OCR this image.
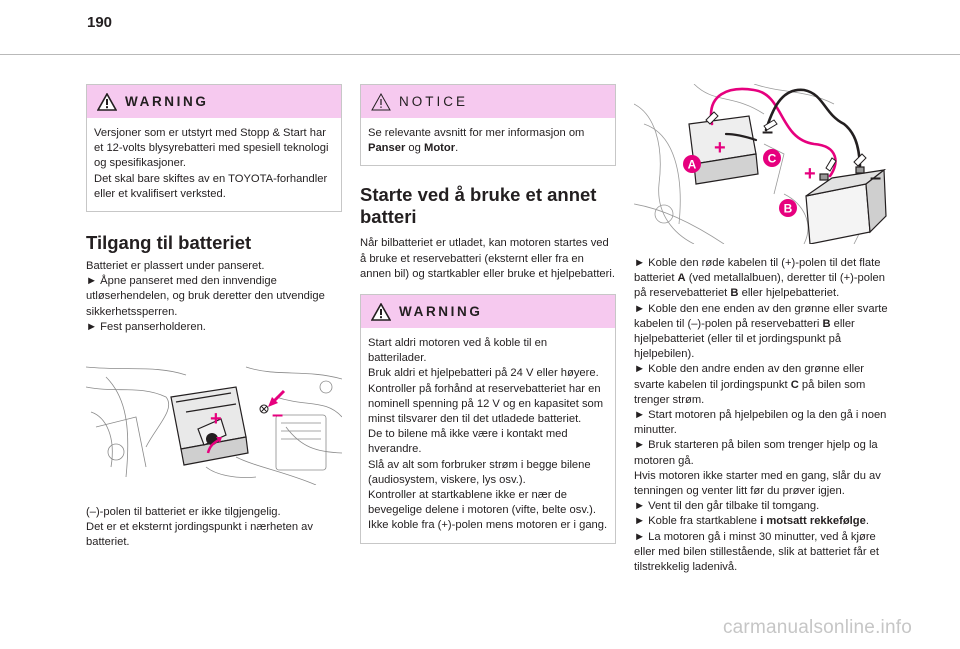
190
WARNING

Versjoner som er utstyrt med Stopp & Start har et 12-volts blysyrebatteri med spesiell teknologi og spesifikasjoner.

Det skal bare skiftes av en TOYOTA-forhandler eller et kvalifisert verksted.

Tilgang til batteriet

Batteriet er plassert under panseret.

► Åpne panseret med den innvendige utløserhendelen, og bruk deretter den utvendige sikkerhetssperren.

► Fest panserholderen.

+	–

(–)-polen til batteriet er ikke tilgjengelig.

Det er et eksternt jordingspunkt i nærheten av batteriet.

NOTICE

Se relevante avsnitt for mer informasjon om Panser og Motor.

Starte ved å bruke et annet batteri

Når bilbatteriet er utladet, kan motoren startes ved å bruke et reservebatteri (eksternt eller fra en annen bil) og startkabler eller bruke et hjelpebatteri.

WARNING

Start aldri motoren ved å koble til en batterilader.

Bruk aldri et hjelpebatteri på 24 V eller høyere.

Kontroller på forhånd at reservebatteriet har en nominell spenning på 12 V og en kapasitet som minst tilsvarer den til det utladede batteriet.

De to bilene må ikke være i kontakt med hverandre.

Slå av alt som forbruker strøm i begge bilene (audiosystem, viskere, lys osv.).

Kontroller at startkablene ikke er nær de bevegelige delene i motoren (vifte, belte osv.).

Ikke koble fra (+)-polen mens motoren er i gang.

A	C
B
+
+
–
–

► Koble den røde kabelen til (+)-polen til det flate batteriet A (ved metallalbuen), deretter til (+)-polen på reservebatteriet B eller hjelpebatteriet.

► Koble den ene enden av den grønne eller svarte kabelen til (–)-polen på reservebatteri B eller hjelpebatteriet (eller til et jordingspunkt på hjelpebilen).

► Koble den andre enden av den grønne eller svarte kabelen til jordingspunkt C på bilen som trenger strøm.

► Start motoren på hjelpebilen og la den gå i noen minutter.

► Bruk starteren på bilen som trenger hjelp og la motoren gå.

Hvis motoren ikke starter med en gang, slår du av tenningen og venter litt før du prøver igjen.

► Vent til den går tilbake til tomgang.

► Koble fra startkablene i motsatt rekkefølge.

► La motoren gå i minst 30 minutter, ved å kjøre eller med bilen stillestående, slik at batteriet får et tilstrekkelig ladenivå.

carmanualsonline.info
